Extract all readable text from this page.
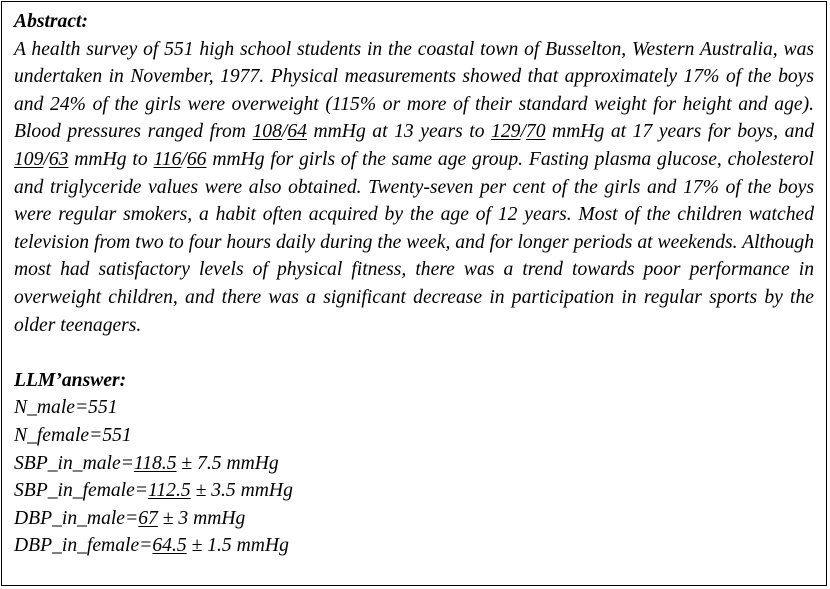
Abstract:

A health survey of 551 high school students in the coastal town of Busselton, Western Australia, was undertaken in November, 1977. Physical measurements showed that approximately 17% of the boys and 24% of the girls were overweight (115% or more of their standard weight for height and age). Blood pressures ranged from 108/64 mmHg at 13 years to 129/70 mmHg at 17 years for boys, and 109/63 mmHg to 116/66 mmHg for girls of the same age group. Fasting plasma glucose, cholesterol and triglyceride values were also obtained. Twenty-seven per cent of the girls and 17% of the boys were regular smokers, a habit often acquired by the age of 12 years. Most of the children watched television from two to four hours daily during the week, and for longer periods at weekends. Although most had satisfactory levels of physical fitness, there was a trend towards poor performance in overweight children, and there was a significant decrease in participation in regular sports by the older teenagers.

LLM’answer:
N_male=551
N_female=551
SBP_in_male=118.5 ± 7.5 mmHg
SBP_in_female=112.5 ± 3.5 mmHg
DBP_in_male=67 ± 3 mmHg
DBP_in_female=64.5 ± 1.5 mmHg
